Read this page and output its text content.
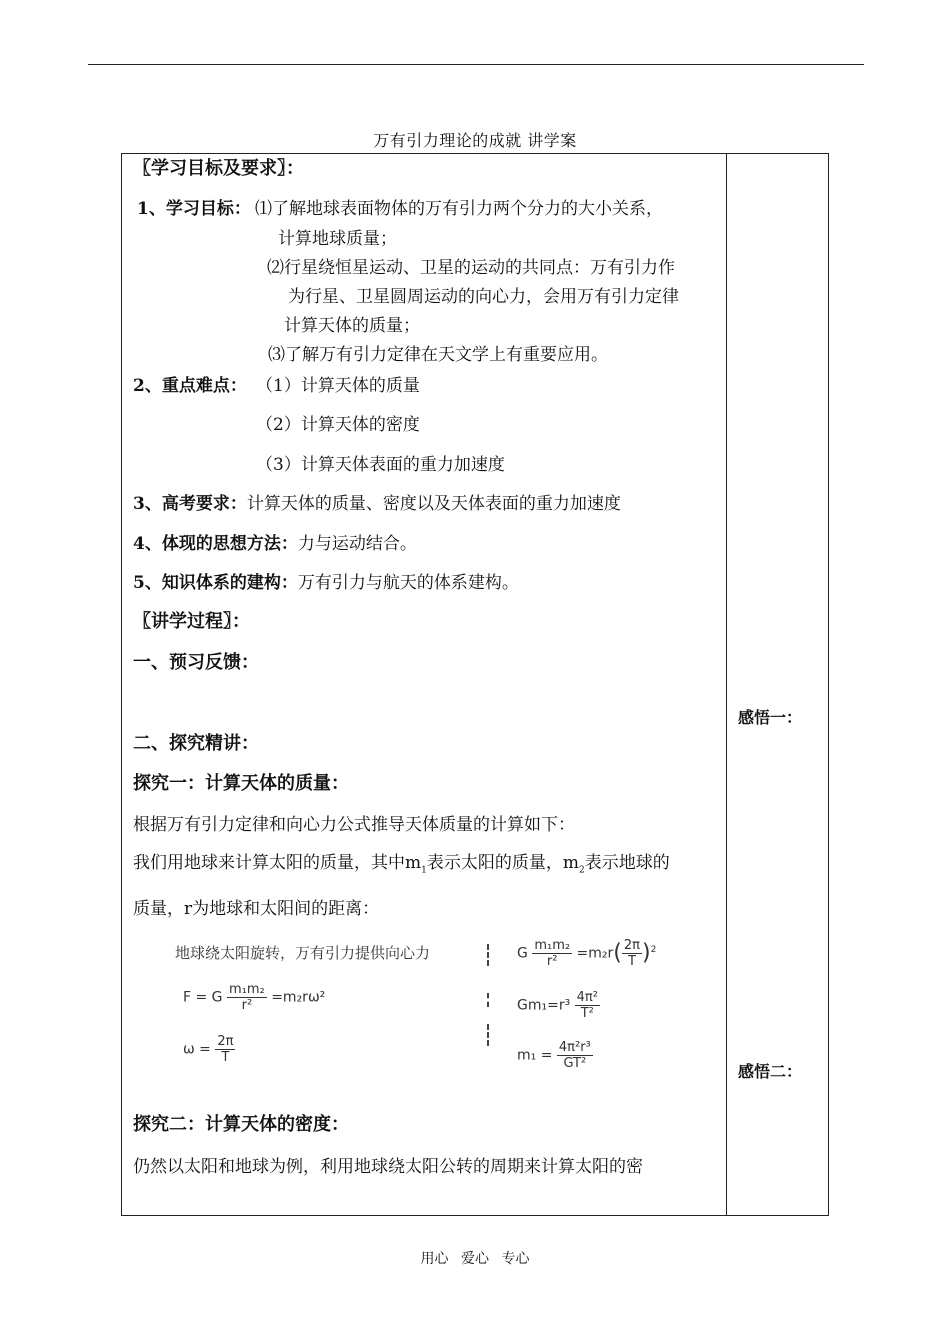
万有引力理论的成就 讲学案
〖学习目标及要求〗：
1、学习目标： ⑴了解地球表面物体的万有引力两个分力的大小关系，
计算地球质量；
⑵行星绕恒星运动、卫星的运动的共同点：万有引力作
为行星、卫星圆周运动的向心力，会用万有引力定律
计算天体的质量；
⑶了解万有引力定律在天文学上有重要应用。
2、重点难点： （1）计算天体的质量
（2）计算天体的密度
（3）计算天体表面的重力加速度
3、高考要求：计算天体的质量、密度以及天体表面的重力加速度
4、体现的思想方法：力与运动结合。
5、知识体系的建构：万有引力与航天的体系建构。
〖讲学过程〗：
一、预习反馈：
二、探究精讲：
探究一：计算天体的质量：
根据万有引力定律和向心力公式推导天体质量的计算如下：
我们用地球来计算太阳的质量，其中$m_1$表示太阳的质量，$m_2$表示地球的
质量，r为地球和太阳间的距离：
地球绕太阳旋转，万有引力提供向心力
F = G $\frac{\text{m₁m₂}}{\text{r²}} =m_2r\omega^2$
$\omega = \frac{2\pi}{T}$
G $\frac{\text{m₁m₂}}{\text{r²}} =m_2r( \frac{2\pi}{T} )^2$
$Gm_1=r^3 \frac{\text{4π²}}{\text{T²}}$
$m_1 = \frac{\text{4π²r³}}{\text{GT²}}$
探究二：计算天体的密度：
仍然以太阳和地球为例，利用地球绕太阳公转的周期来计算太阳的密
感悟一：
感悟二：
用心 爱心 专心
